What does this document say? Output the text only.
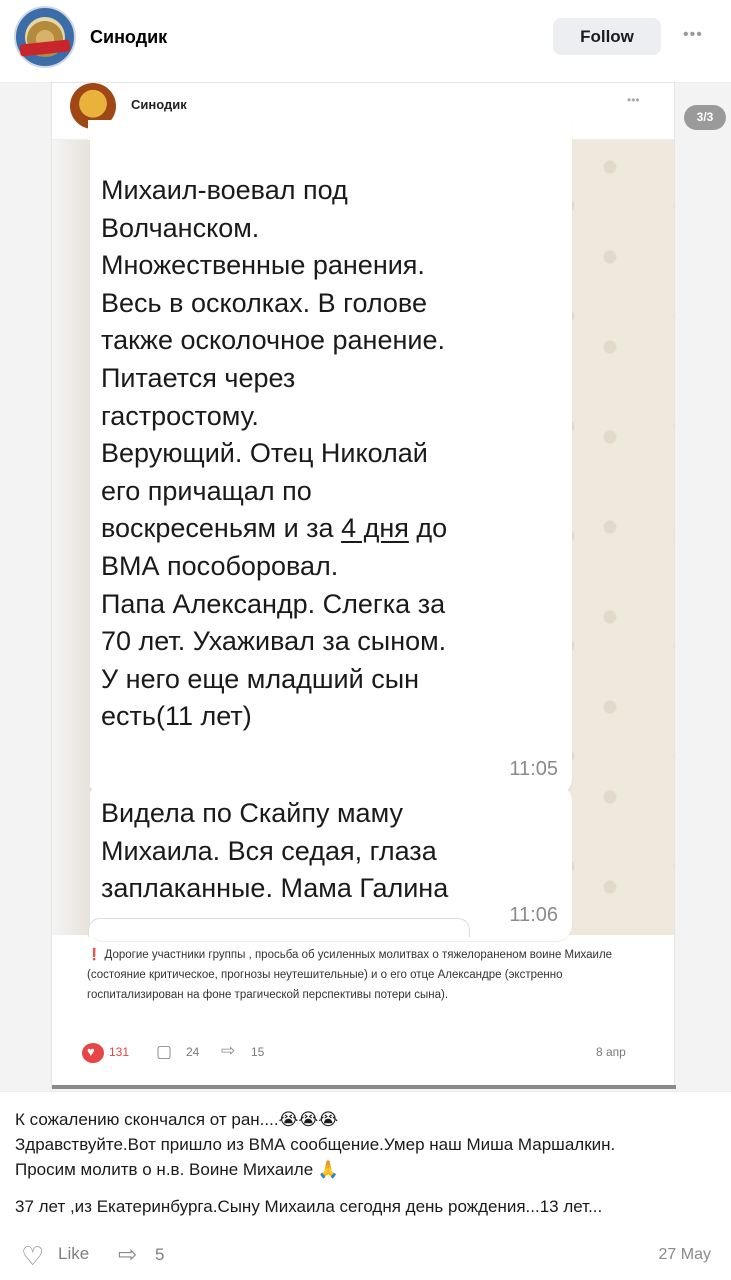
Синодик	Follow	•••
Синодик	•••
Михаил-воевал под
Волчанском.
Множественные ранения.
Весь в осколках. В голове
также осколочное ранение.
Питается через
гастростому.
Верующий. Отец Николай
его причащал по
воскресеньям и за 4 дня до
ВМА пособоровал.
Папа Александр. Слегка за
70 лет. Ухаживал за сыном.
У него еще младший сын
есть(11 лет)
11:05
Видела по Скайпу маму
Михаила. Вся седая, глаза
заплаканные. Мама Галина
11:06
❗ Дорогие участники группы , просьба об усиленных молитвах о тяжелораненом воине Михаиле (состояние критическое, прогнозы неутешительные) и о его отце Александре (экстренно госпитализирован на фоне трагической перспективы потери сына).
♥
131 ▢ 24 ⇨ 15	8 апр
3/3
К сожалению скончался от ран....😭😭😭
Здравствуйте.Вот пришло из ВМА сообщение.Умер наш Миша Маршалкин.
Просим молитв о н.в. Воине Михаиле 🙏
37 лет ,из Екатеринбурга.Сыну Михаила сегодня день рождения...13 лет...
♡ Like ⇨ 5	27 May
